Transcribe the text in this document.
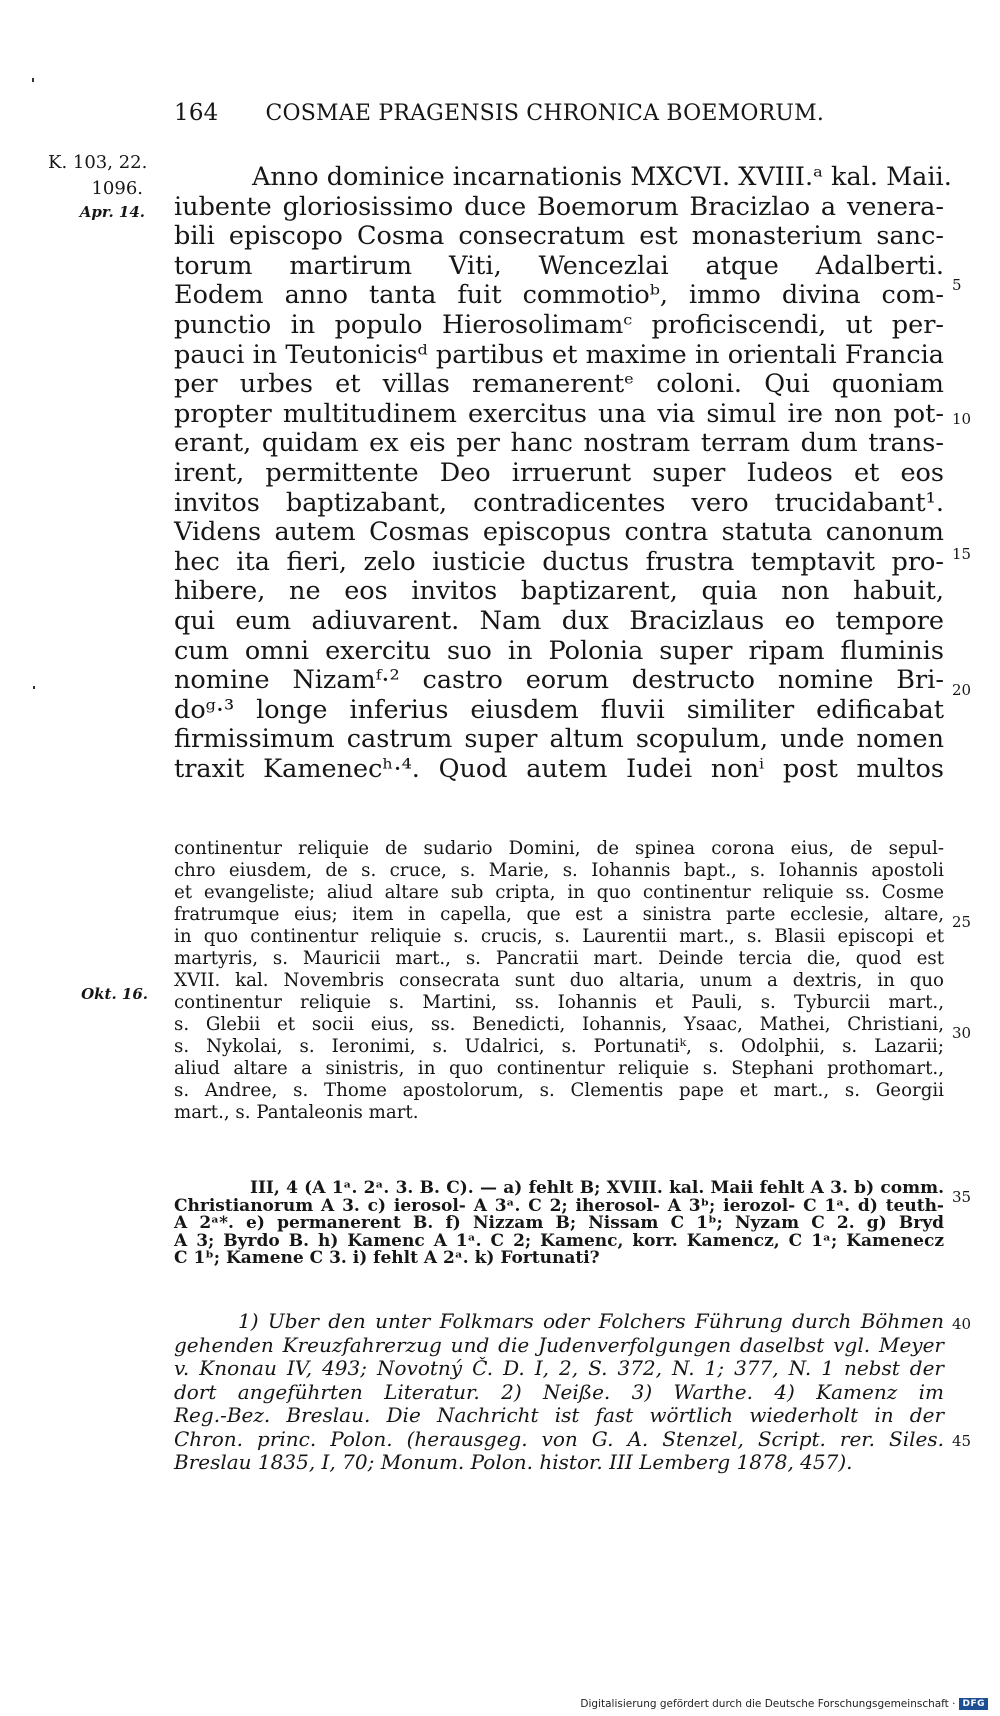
164 COSMAE PRAGENSIS CHRONICA BOEMORUM.
K. 103, 22.
1096.
Apr. 14.
Okt. 16.
5
10
15
20
25
30
35
40
45
Anno dominice incarnationis MXCVI. XVIII.ᵃ kal. Maii.
iubente gloriosissimo duce Boemorum Bracizlao a venera-
bili episcopo Cosma consecratum est monasterium sanc-
torum martirum Viti, Wencezlai atque Adalberti.
Eodem anno tanta fuit commotioᵇ, immo divina com-
punctio in populo Hierosolimamᶜ proficiscendi, ut per-
pauci in Teutonicisᵈ partibus et maxime in orientali Francia
per urbes et villas remanerentᵉ coloni. Qui quoniam
propter multitudinem exercitus una via simul ire non pot-
erant, quidam ex eis per hanc nostram terram dum trans-
irent, permittente Deo irruerunt super Iudeos et eos
invitos baptizabant, contradicentes vero trucidabant¹.
Videns autem Cosmas episcopus contra statuta canonum
hec ita fieri, zelo iusticie ductus frustra temptavit pro-
hibere, ne eos invitos baptizarent, quia non habuit,
qui eum adiuvarent. Nam dux Bracizlaus eo tempore
cum omni exercitu suo in Polonia super ripam fluminis
nomine Nizamᶠ·² castro eorum destructo nomine Bri-
doᵍ·³ longe inferius eiusdem fluvii similiter edificabat
firmissimum castrum super altum scopulum, unde nomen
traxit Kamenecʰ·⁴. Quod autem Iudei nonⁱ post multos
continentur reliquie de sudario Domini, de spinea corona eius, de sepul-
chro eiusdem, de s. cruce, s. Marie, s. Iohannis bapt., s. Iohannis apostoli
et evangeliste; aliud altare sub cripta, in quo continentur reliquie ss. Cosme
fratrumque eius; item in capella, que est a sinistra parte ecclesie, altare,
in quo continentur reliquie s. crucis, s. Laurentii mart., s. Blasii episcopi et
martyris, s. Mauricii mart., s. Pancratii mart. Deinde tercia die, quod est
XVII. kal. Novembris consecrata sunt duo altaria, unum a dextris, in quo
continentur reliquie s. Martini, ss. Iohannis et Pauli, s. Tyburcii mart.,
s. Glebii et socii eius, ss. Benedicti, Iohannis, Ysaac, Mathei, Christiani,
s. Nykolai, s. Ieronimi, s. Udalrici, s. Portunatiᵏ, s. Odolphii, s. Lazarii;
aliud altare a sinistris, in quo continentur reliquie s. Stephani prothomart.,
s. Andree, s. Thome apostolorum, s. Clementis pape et mart., s. Georgii
mart., s. Pantaleonis mart.
III, 4 (A 1ᵃ. 2ᵃ. 3. B. C). — a) fehlt B; XVIII. kal. Maii fehlt A 3. b) comm.
Christianorum A 3. c) ierosol- A 3ᵃ. C 2; iherosol- A 3ᵇ; ierozol- C 1ᵃ. d) teuth-
A 2ᵃ*. e) permanerent B. f) Nizzam B; Nissam C 1ᵇ; Nyzam C 2. g) Bryd
A 3; Byrdo B. h) Kamenc A 1ᵃ. C 2; Kamenc, korr. Kamencz, C 1ᵃ; Kamenecz
C 1ᵇ; Kamene C 3. i) fehlt A 2ᵃ. k) Fortunati?
1) Uber den unter Folkmars oder Folchers Führung durch Böhmen
gehenden Kreuzfahrerzug und die Judenverfolgungen daselbst vgl. Meyer
v. Knonau IV, 493; Novotný Č. D. I, 2, S. 372, N. 1; 377, N. 1 nebst der
dort angeführten Literatur. 2) Neiße. 3) Warthe. 4) Kamenz im
Reg.-Bez. Breslau. Die Nachricht ist fast wörtlich wiederholt in der
Chron. princ. Polon. (herausgeg. von G. A. Stenzel, Script. rer. Siles.
Breslau 1835, I, 70; Monum. Polon. histor. III Lemberg 1878, 457).
Digitalisierung gefördert durch die Deutsche Forschungsgemeinschaft · DFG
